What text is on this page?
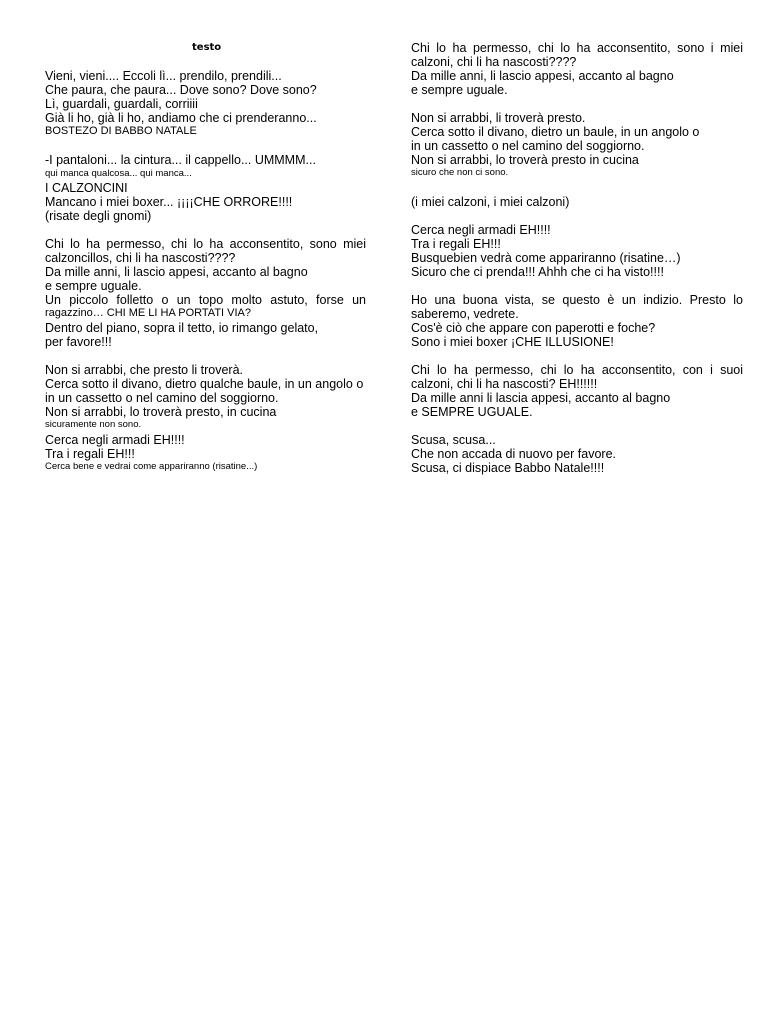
testo
Vieni, vieni.... Eccoli lì... prendilo, prendili...
Che paura, che paura... Dove sono? Dove sono?
Lì, guardali, guardali, corriiii
Già li ho, già li ho, andiamo che ci prenderanno...
BOSTEZO DI BABBO NATALE
-I pantaloni... la cintura... il cappello... UMMMM...
qui manca qualcosa... qui manca...
I CALZONCINI
Mancano i miei boxer... ¡¡¡¡CHE ORRORE!!!!
(risate degli gnomi)
Chi lo ha permesso, chi lo ha acconsentito, sono miei
calzoncillos, chi li ha nascosti????
Da mille anni, li lascio appesi, accanto al bagno
e sempre uguale.
Un piccolo folletto o un topo molto astuto, forse un
ragazzino… CHI ME LI HA PORTATI VIA?
Dentro del piano, sopra il tetto, io rimango gelato,
per favore!!!
Non si arrabbi, che presto li troverà.
Cerca sotto il divano, dietro qualche baule, in un angolo o
in un cassetto o nel camino del soggiorno.
Non si arrabbi, lo troverà presto, in cucina
sicuramente non sono.
Cerca negli armadi EH!!!!
Tra i regali EH!!!
Cerca bene e vedrai come appariranno (risatine...)
Chi lo ha permesso, chi lo ha acconsentito, sono i miei
calzoni, chi li ha nascosti????
Da mille anni, li lascio appesi, accanto al bagno
e sempre uguale.
Non si arrabbi, li troverà presto.
Cerca sotto il divano, dietro un baule, in un angolo o
in un cassetto o nel camino del soggiorno.
Non si arrabbi, lo troverà presto in cucina
sicuro che non ci sono.
(i miei calzoni, i miei calzoni)
Cerca negli armadi EH!!!!
Tra i regali EH!!!
Busquebien vedrà come appariranno (risatine…)
Sicuro che ci prenda!!! Ahhh che ci ha visto!!!!
Ho una buona vista, se questo è un indizio. Presto lo
saberemo, vedrete.
Cos'è ciò che appare con paperotti e foche?
Sono i miei boxer ¡CHE ILLUSIONE!
Chi lo ha permesso, chi lo ha acconsentito, con i suoi
calzoni, chi li ha nascosti? EH!!!!!!
Da mille anni li lascia appesi, accanto al bagno
e SEMPRE UGUALE.
Scusa, scusa...
Che non accada di nuovo per favore.
Scusa, ci dispiace Babbo Natale!!!!
